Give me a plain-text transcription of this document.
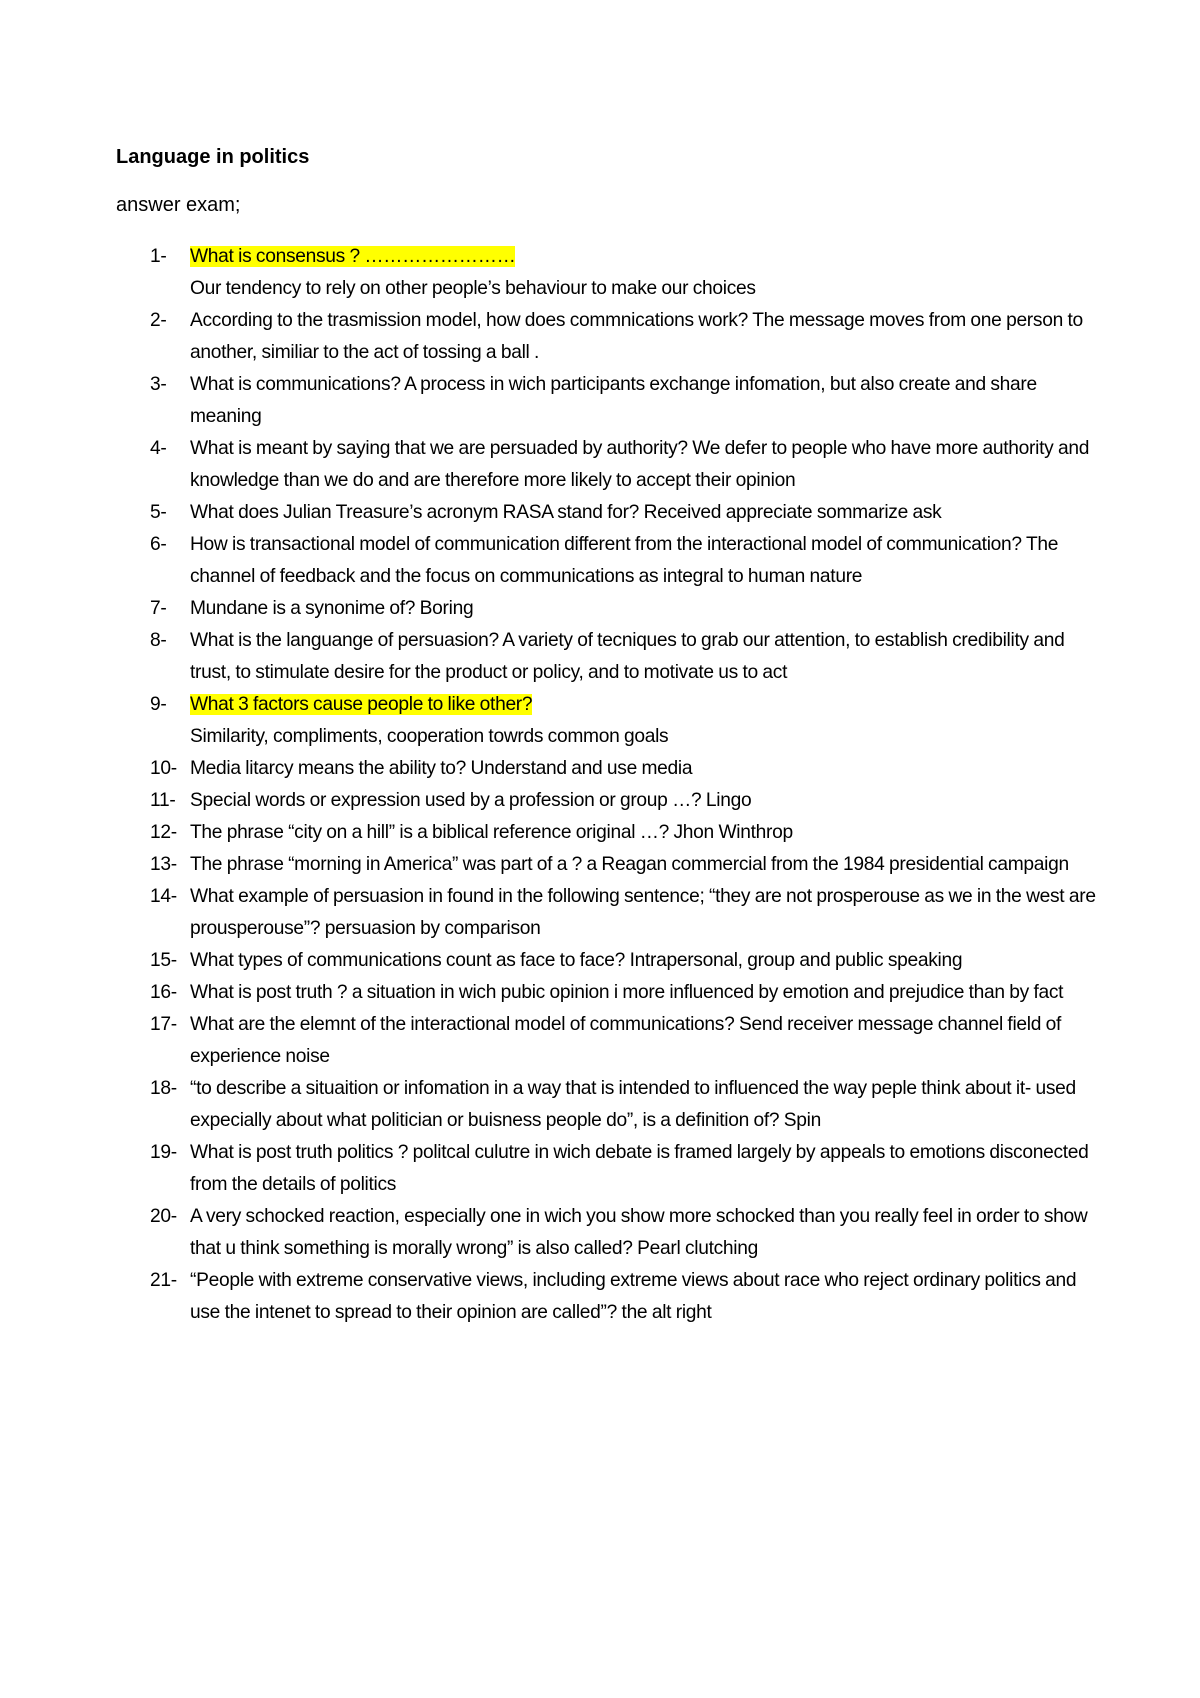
Language in politics
answer exam;
1- What is consensus ? ……………………
Our tendency to rely on other people’s behaviour to make our choices
2- According to the trasmission model, how does commnications work? The message moves from one person to another, similiar to the act of tossing a ball .
3- What is communications? A process in wich participants exchange infomation, but also create and share meaning
4- What is meant by saying that we are persuaded by authority? We defer to people who have more authority and knowledge than we do and are therefore more likely to accept their opinion
5- What does Julian Treasure’s acronym RASA stand for? Received appreciate sommarize ask
6- How is transactional model of communication different from the interactional model of communication? The channel of feedback and the focus on communications as integral to human nature
7- Mundane is a synonime of? Boring
8- What is the languange of persuasion? A variety of tecniques to grab our attention, to establish credibility and trust, to stimulate desire for the product or policy, and to motivate us to act
9- What 3 factors cause people to like other?
Similarity, compliments, cooperation towrds common goals
10- Media litarcy means the ability to? Understand and use media
11- Special words or expression used by a profession or group …? Lingo
12- The phrase “city on a hill” is a biblical reference original …? Jhon Winthrop
13- The phrase “morning in America” was part of a ? a Reagan commercial from the 1984 presidential campaign
14- What example of persuasion in found in the following sentence; “they are not prosperouse as we in the west are prousperouse”? persuasion by comparison
15- What types of communications count as face to face? Intrapersonal, group and public speaking
16- What is post truth ? a situation in wich pubic opinion i more influenced by emotion and prejudice than by fact
17- What are the elemnt of the interactional model of communications? Send receiver message channel field of experience noise
18- “to describe a situaition or infomation in a way that is intended to influenced the way peple think about it- used expecially about what politician or buisness people do”, is a definition of? Spin
19- What is post truth politics ? politcal culutre in wich debate is framed largely by appeals to emotions disconected from the details of politics
20- A very schocked reaction, especially one in wich you show more schocked than you really feel in order to show that u think something is morally wrong” is also called? Pearl clutching
21- “People with extreme conservative views, including extreme views about race who reject ordinary politics and use the intenet to spread to their opinion are called”? the alt right
